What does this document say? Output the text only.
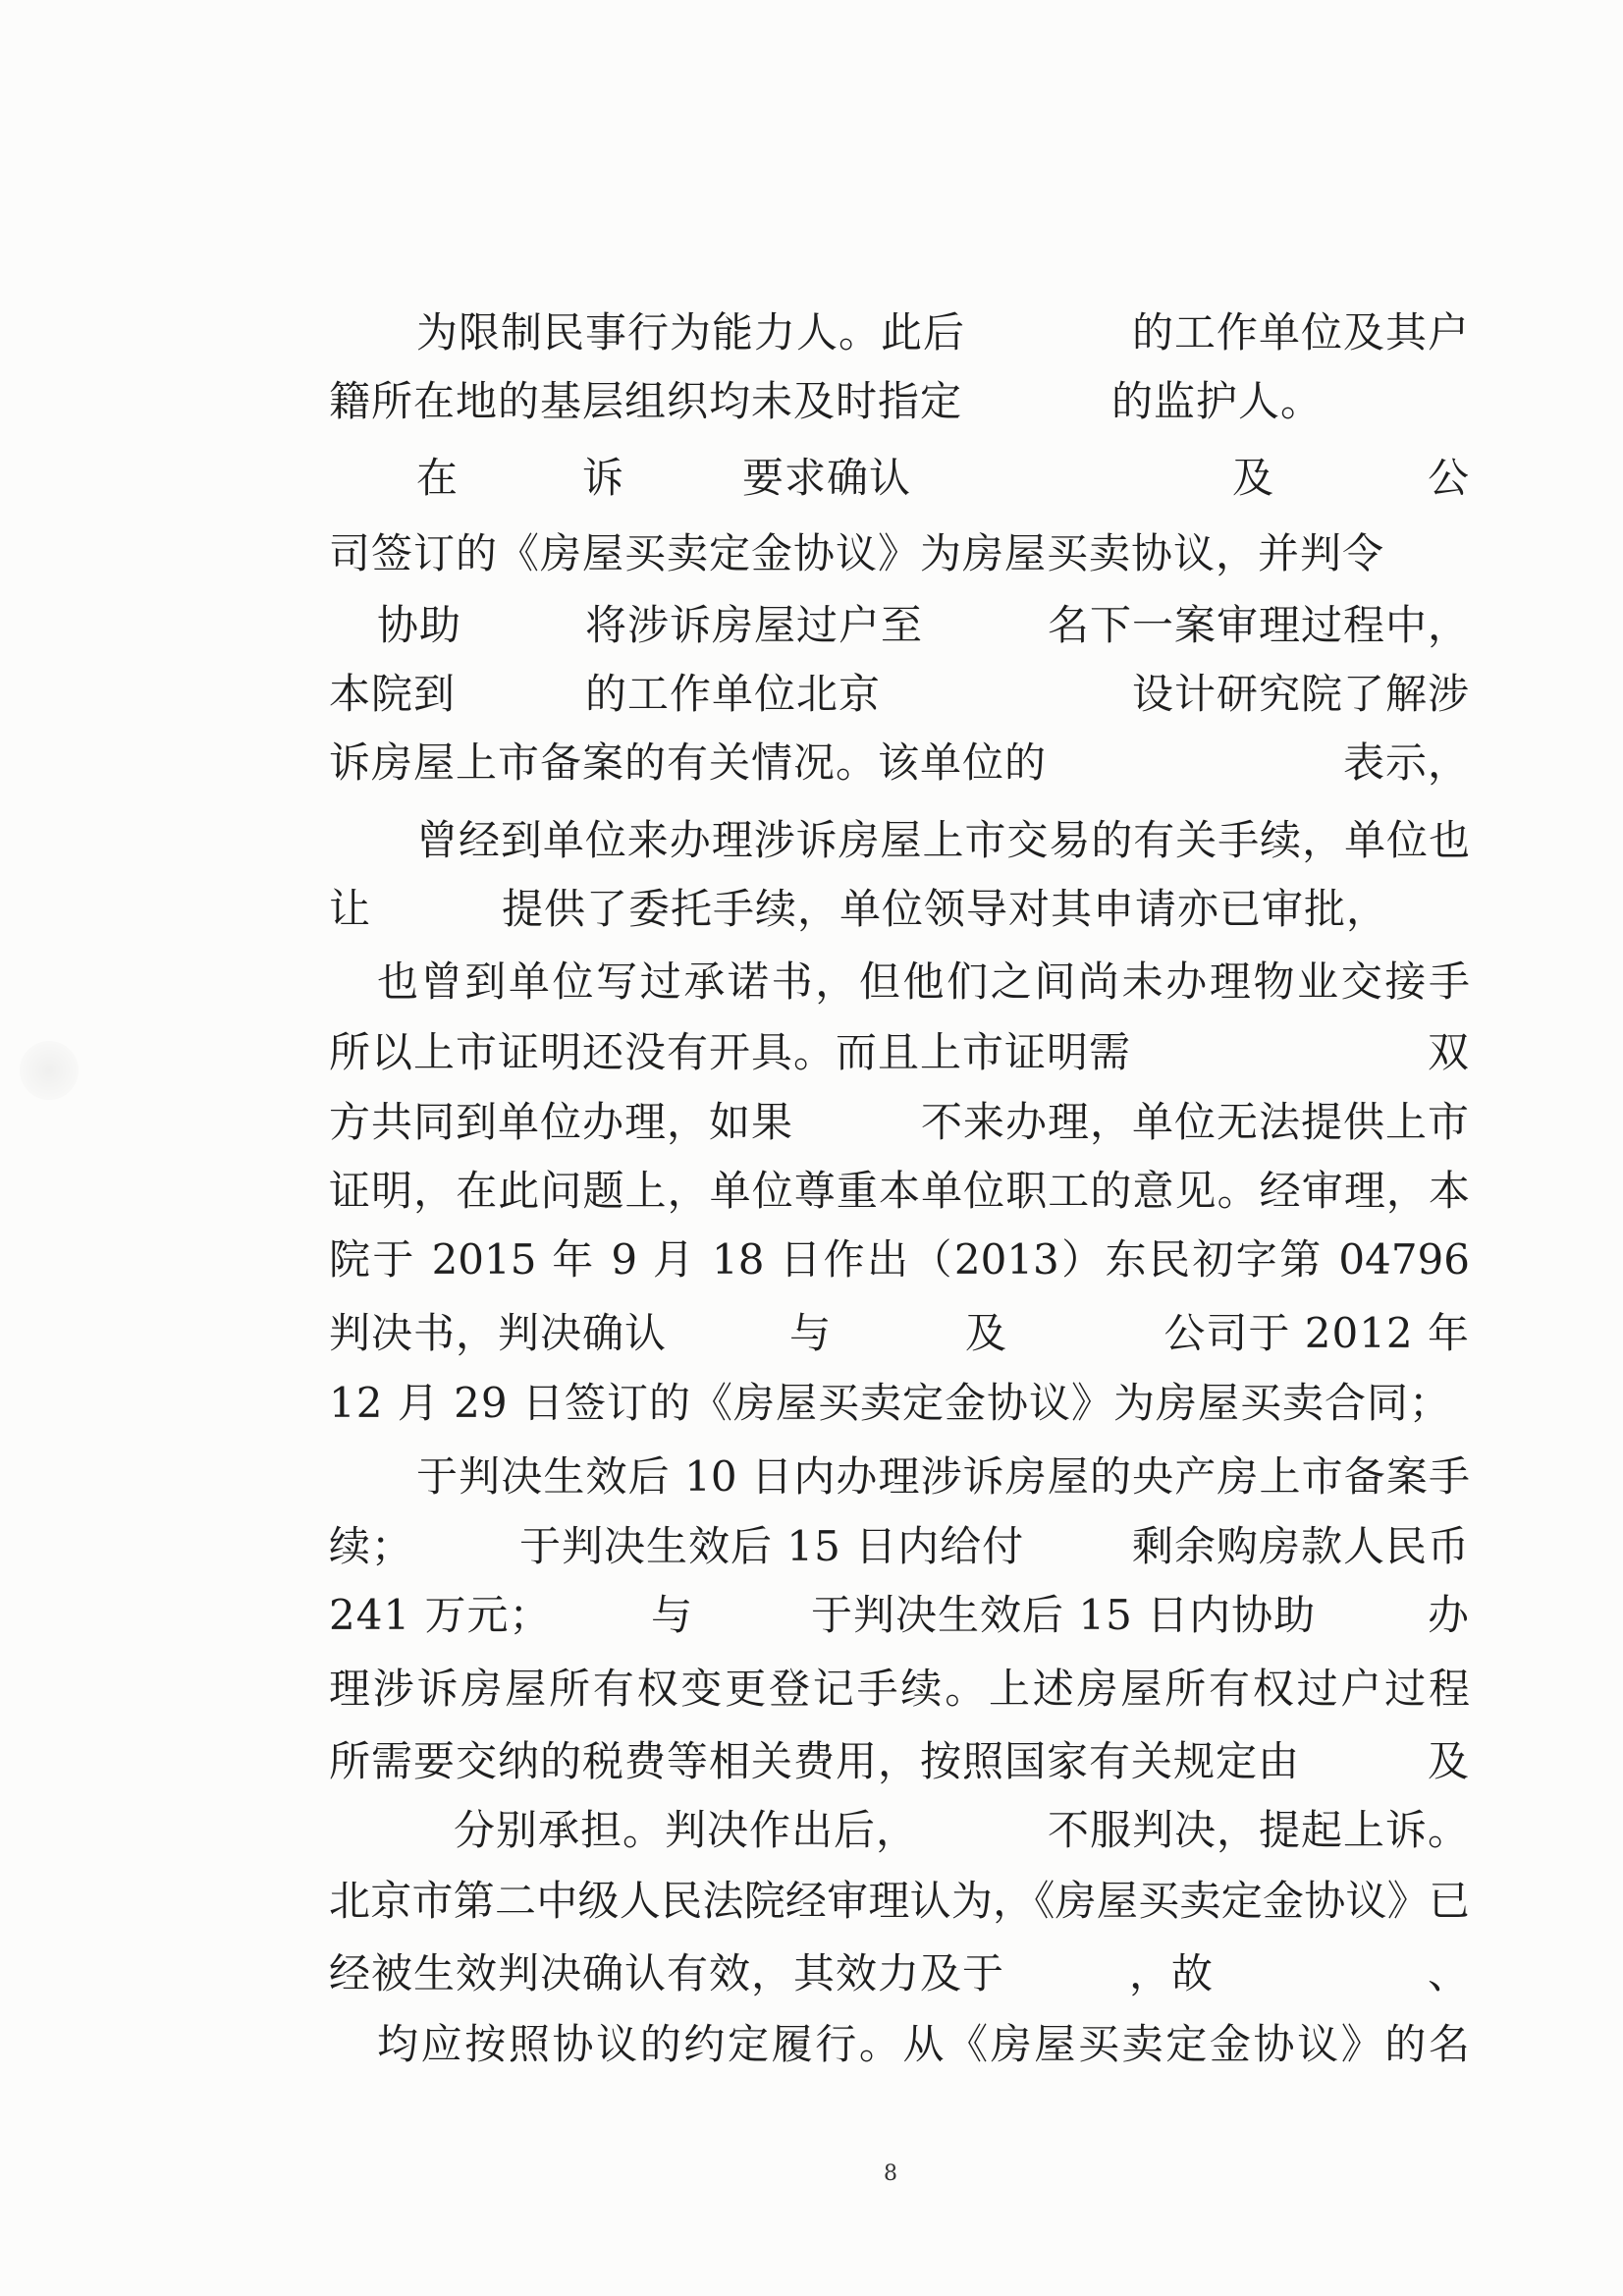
为限制民事行为能力人。此后	的工作单位及其户
籍所在地的基层组织均未及时指定	的监护人。
在	诉	要求确认	及	公
司签订的《房屋买卖定金协议》为房屋买卖协议，并判令
协助	将涉诉房屋过户至	名下一案审理过程中，
本院到	的工作单位北京	设计研究院了解涉
诉房屋上市备案的有关情况。该单位的	表示，
曾经到单位来办理涉诉房屋上市交易的有关手续，单位也
让	提供了委托手续，单位领导对其申请亦已审批，
也曾到单位写过承诺书，但他们之间尚未办理物业交接手
所以上市证明还没有开具。而且上市证明需	双
方共同到单位办理，如果	不来办理，单位无法提供上市
证明，在此问题上，单位尊重本单位职工的意见。经审理，本
院于 2015 年 9 月 18 日作出（2013）东民初字第 04796
判决书，判决确认	与	及	公司于 2012 年
12 月 29 日签订的《房屋买卖定金协议》为房屋买卖合同；
于判决生效后 10 日内办理涉诉房屋的央产房上市备案手
续；	于判决生效后 15 日内给付	剩余购房款人民币
241 万元； 与	于判决生效后 15 日内协助	办
理涉诉房屋所有权变更登记手续。上述房屋所有权过户过程
所需要交纳的税费等相关费用，按照国家有关规定由	及
分别承担。判决作出后，	不服判决，提起上诉。
北京市第二中级人民法院经审理认为，《房屋买卖定金协议》已
经被生效判决确认有效，其效力及于	，故	、
均应按照协议的约定履行。从《房屋买卖定金协议》的名
8
